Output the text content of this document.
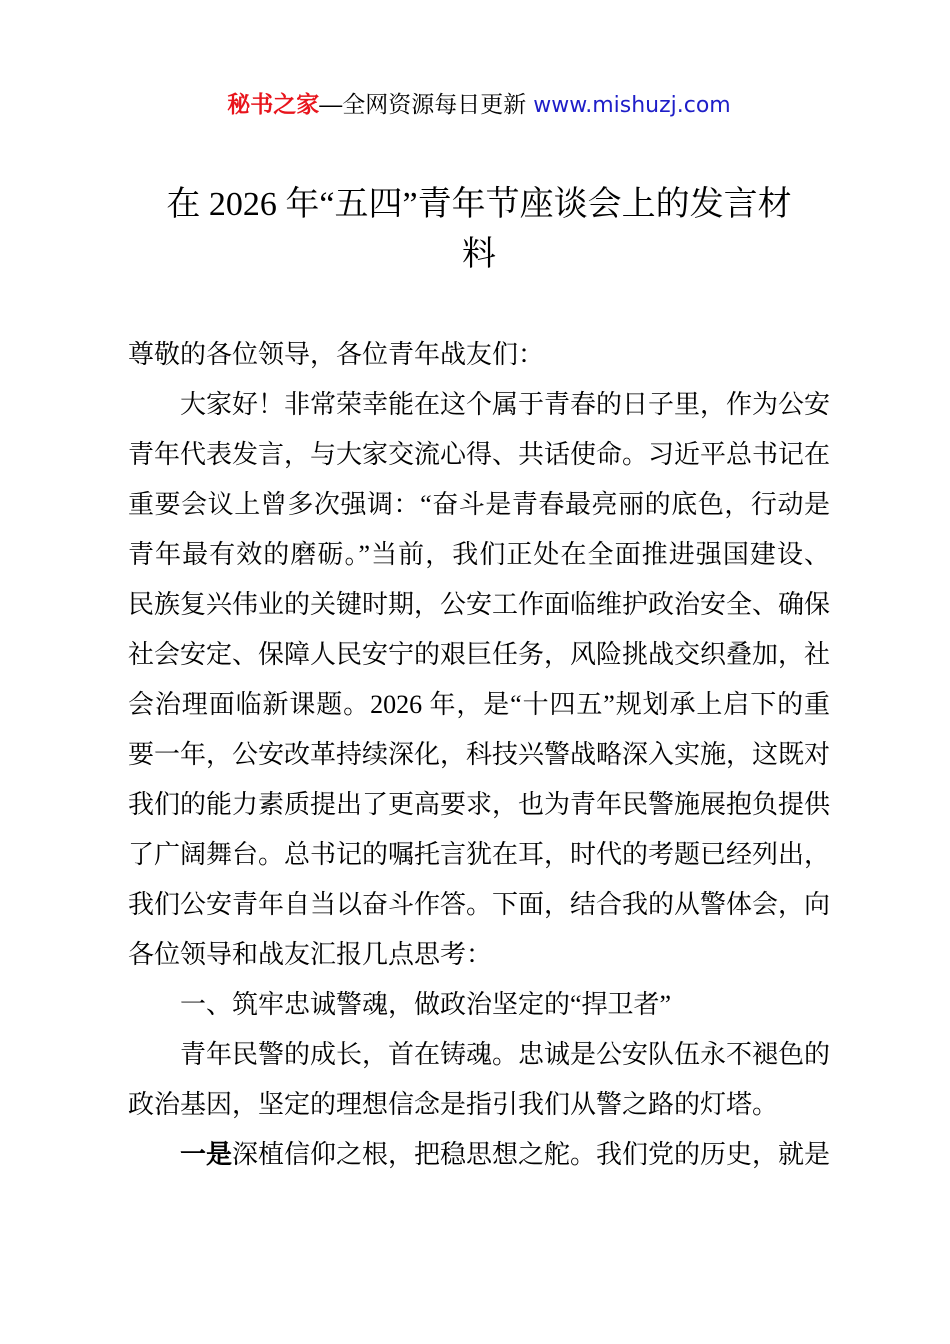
秘书之家—全网资源每日更新 www.mishuzj.com
在 2026 年“五四”青年节座谈会上的发言材
料
尊敬的各位领导，各位青年战友们：
大家好！非常荣幸能在这个属于青春的日子里，作为公安
青年代表发言，与大家交流心得、共话使命。习近平总书记在
重要会议上曾多次强调：“奋斗是青春最亮丽的底色，行动是
青年最有效的磨砺。”当前，我们正处在全面推进强国建设、
民族复兴伟业的关键时期，公安工作面临维护政治安全、确保
社会安定、保障人民安宁的艰巨任务，风险挑战交织叠加，社
会治理面临新课题。2026 年，是“十四五”规划承上启下的重
要一年，公安改革持续深化，科技兴警战略深入实施，这既对
我们的能力素质提出了更高要求，也为青年民警施展抱负提供
了广阔舞台。总书记的嘱托言犹在耳，时代的考题已经列出，
我们公安青年自当以奋斗作答。下面，结合我的从警体会，向
各位领导和战友汇报几点思考：
一、筑牢忠诚警魂，做政治坚定的“捍卫者”
青年民警的成长，首在铸魂。忠诚是公安队伍永不褪色的
政治基因，坚定的理想信念是指引我们从警之路的灯塔。
一是深植信仰之根，把稳思想之舵。我们党的历史，就是
